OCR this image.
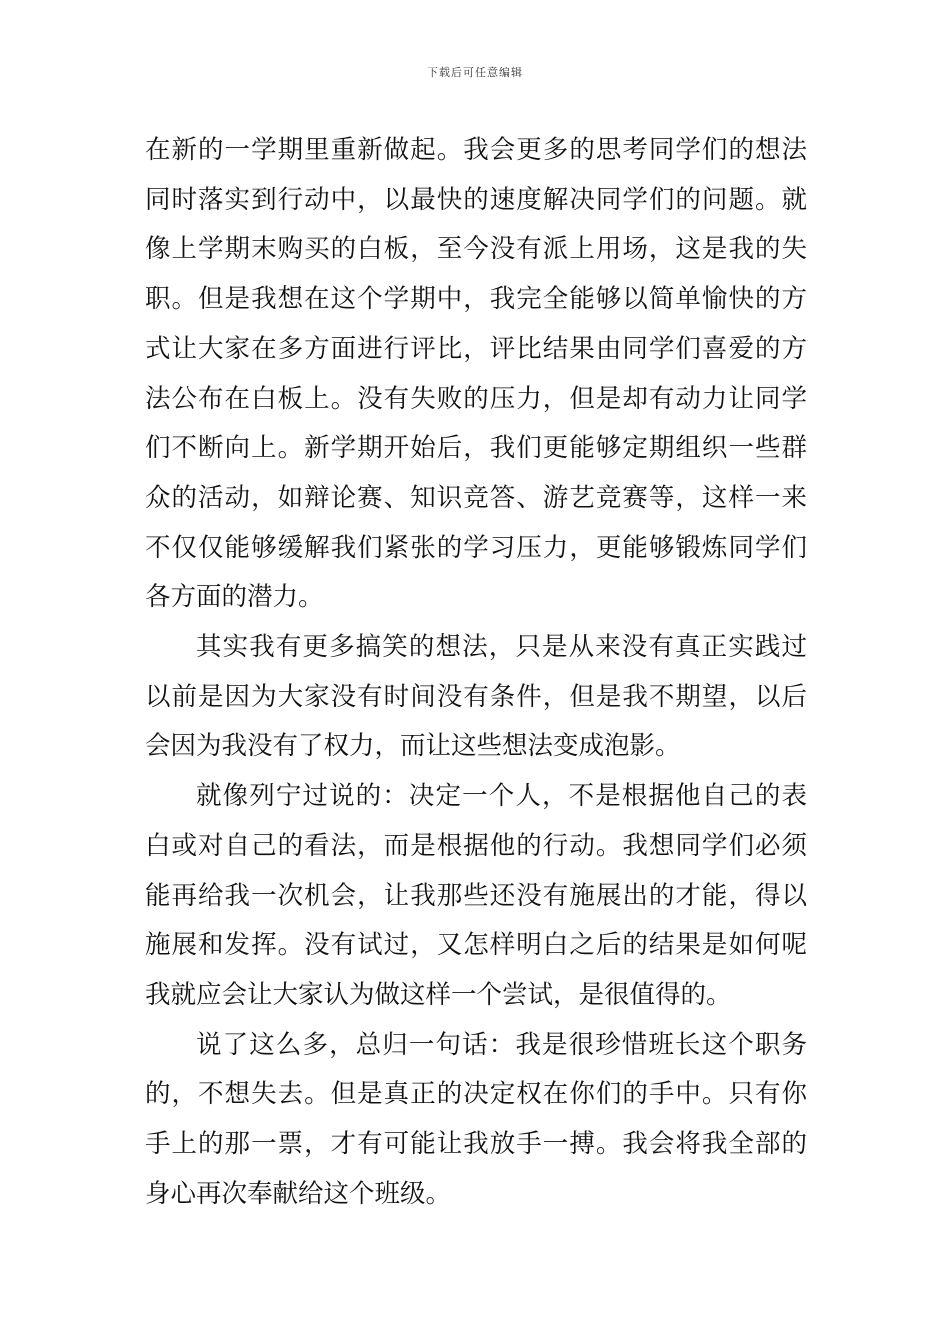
下载后可任意编辑

在新的一学期里重新做起。我会更多的思考同学们的想法同时落实到行动中，以最快的速度解决同学们的问题。就像上学期末购买的白板，至今没有派上用场，这是我的失职。但是我想在这个学期中，我完全能够以简单愉快的方式让大家在多方面进行评比，评比结果由同学们喜爱的方法公布在白板上。没有失败的压力，但是却有动力让同学们不断向上。新学期开始后，我们更能够定期组织一些群众的活动，如辩论赛、知识竞答、游艺竞赛等，这样一来不仅仅能够缓解我们紧张的学习压力，更能够锻炼同学们各方面的潜力。

其实我有更多搞笑的想法，只是从来没有真正实践过以前是因为大家没有时间没有条件，但是我不期望，以后会因为我没有了权力，而让这些想法变成泡影。

就像列宁过说的：决定一个人，不是根据他自己的表白或对自己的看法，而是根据他的行动。我想同学们必须能再给我一次机会，让我那些还没有施展出的才能，得以施展和发挥。没有试过，又怎样明白之后的结果是如何呢我就应会让大家认为做这样一个尝试，是很值得的。

说了这么多，总归一句话：我是很珍惜班长这个职务的，不想失去。但是真正的决定权在你们的手中。只有你手上的那一票，才有可能让我放手一搏。我会将我全部的身心再次奉献给这个班级。
